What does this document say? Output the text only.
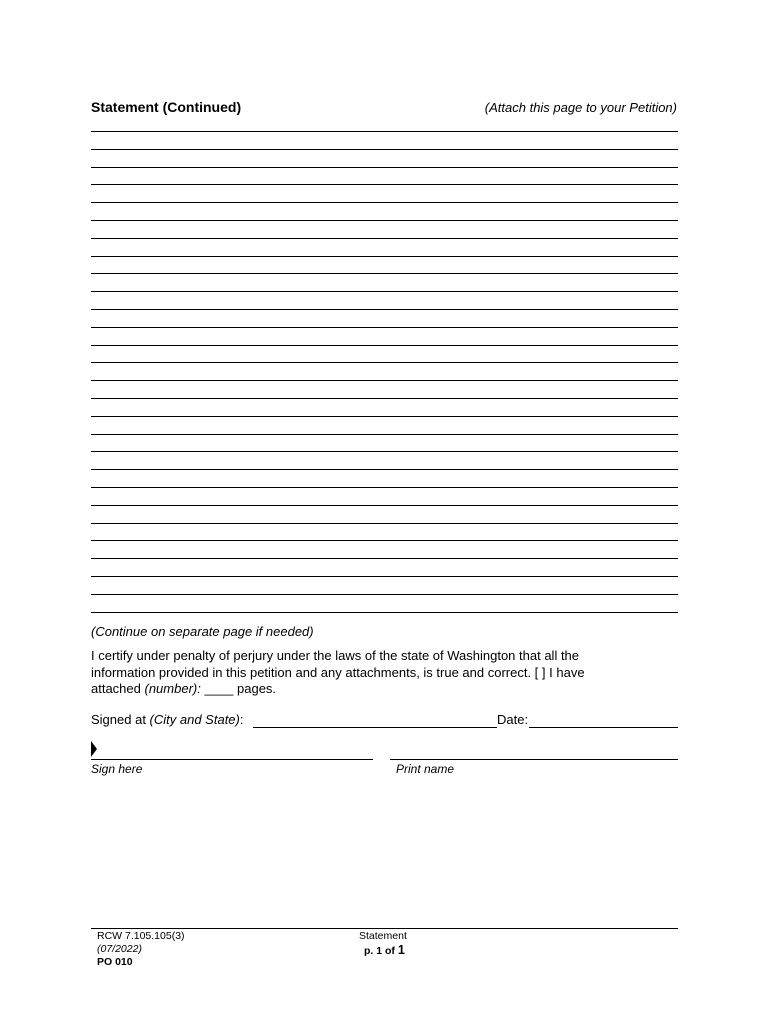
Statement (Continued)	(Attach this page to your Petition)
(Continue on separate page if needed)
I certify under penalty of perjury under the laws of the state of Washington that all the
information provided in this petition and any attachments, is true and correct. [ ] I have
attached (number): ____ pages.
Signed at (City and State):	Date:
Sign here	Print name
RCW 7.105.105(3)
(07/2022)
PO 010
Statement
p. 1 of 1
